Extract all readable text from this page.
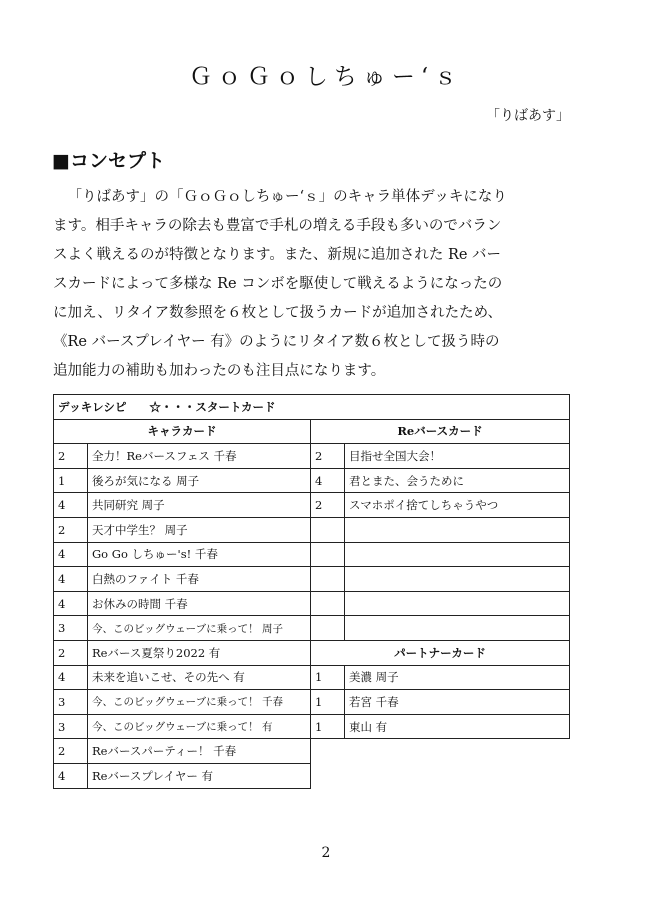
ＧｏＧｏしちゅー‘ｓ
「りばあす」
■コンセプト
「りばあす」の「ＧｏＧｏしちゅー‘ｓ」のキャラ単体デッキになり
ます。相手キャラの除去も豊富で手札の増える手段も多いのでバラン
スよく戦えるのが特徴となります。また、新規に追加された Re バー
スカードによって多様な Re コンボを駆使して戦えるようになったの
に加え、リタイア数参照を６枚として扱うカードが追加されたため、
《Re バースプレイヤー 有》のようにリタイア数６枚として扱う時の
追加能力の補助も加わったのも注目点になります。
デッキレシピ　　☆・・・スタートカード			
キャラカード		Reバースカード	
2	全力！Reバースフェス 千春	2	目指せ全国大会！
1	後ろが気になる 周子	4	君とまた、会うために
4	共同研究 周子	2	スマホポイ捨てしちゃうやつ
2	天才中学生？ 周子		
4	Go Go しちゅー's! 千春		
4	白熱のファイト 千春		
4	お休みの時間 千春		
3	今、このビッグウェーブに乗って！ 周子		
2	Reバース夏祭り2022 有	パートナーカード	
4	未来を追いこせ、その先へ 有	1	美濃 周子
3	今、このビッグウェーブに乗って！ 千春	1	若宮 千春
3	今、このビッグウェーブに乗って！ 有	1	東山 有
2	Reバースパーティー！ 千春		
4	Reバースプレイヤー 有		
2
